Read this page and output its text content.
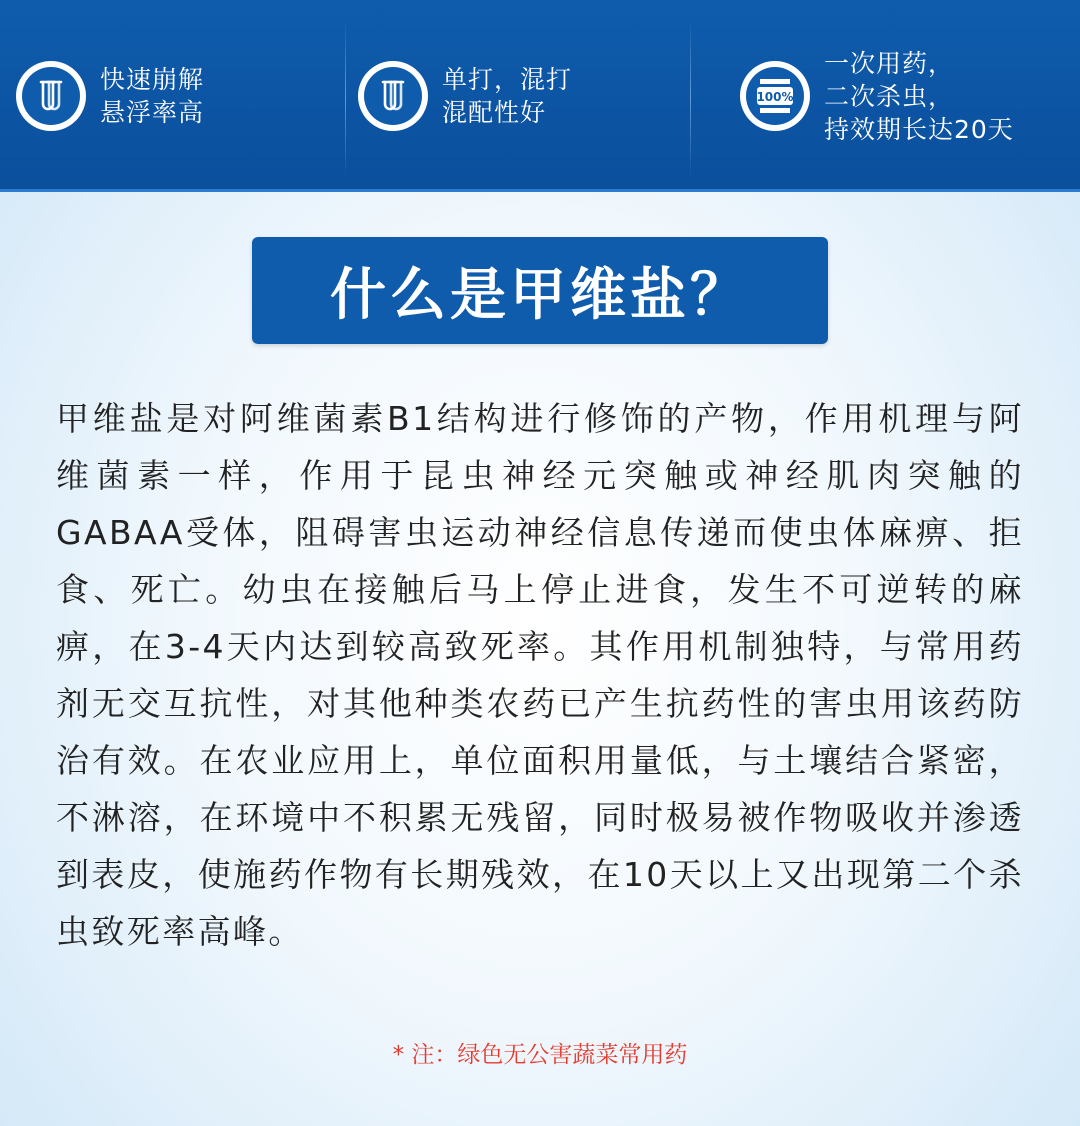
快速崩解
悬浮率高
单打，混打
混配性好
100%
一次用药，
二次杀虫，
持效期长达20天
什么是甲维盐？
甲维盐是对阿维菌素B1结构进行修饰的产物，作用机理与阿维菌素一样，作用于昆虫神经元突触或神经肌肉突触的GABAA受体，阻碍害虫运动神经信息传递而使虫体麻痹、拒食、死亡。幼虫在接触后马上停止进食，发生不可逆转的麻痹，在3-4天内达到较高致死率。其作用机制独特，与常用药剂无交互抗性，对其他种类农药已产生抗药性的害虫用该药防治有效。在农业应用上，单位面积用量低，与土壤结合紧密，不淋溶，在环境中不积累无残留，同时极易被作物吸收并渗透到表皮，使施药作物有长期残效，在10天以上又出现第二个杀虫致死率高峰。
* 注：绿色无公害蔬菜常用药
